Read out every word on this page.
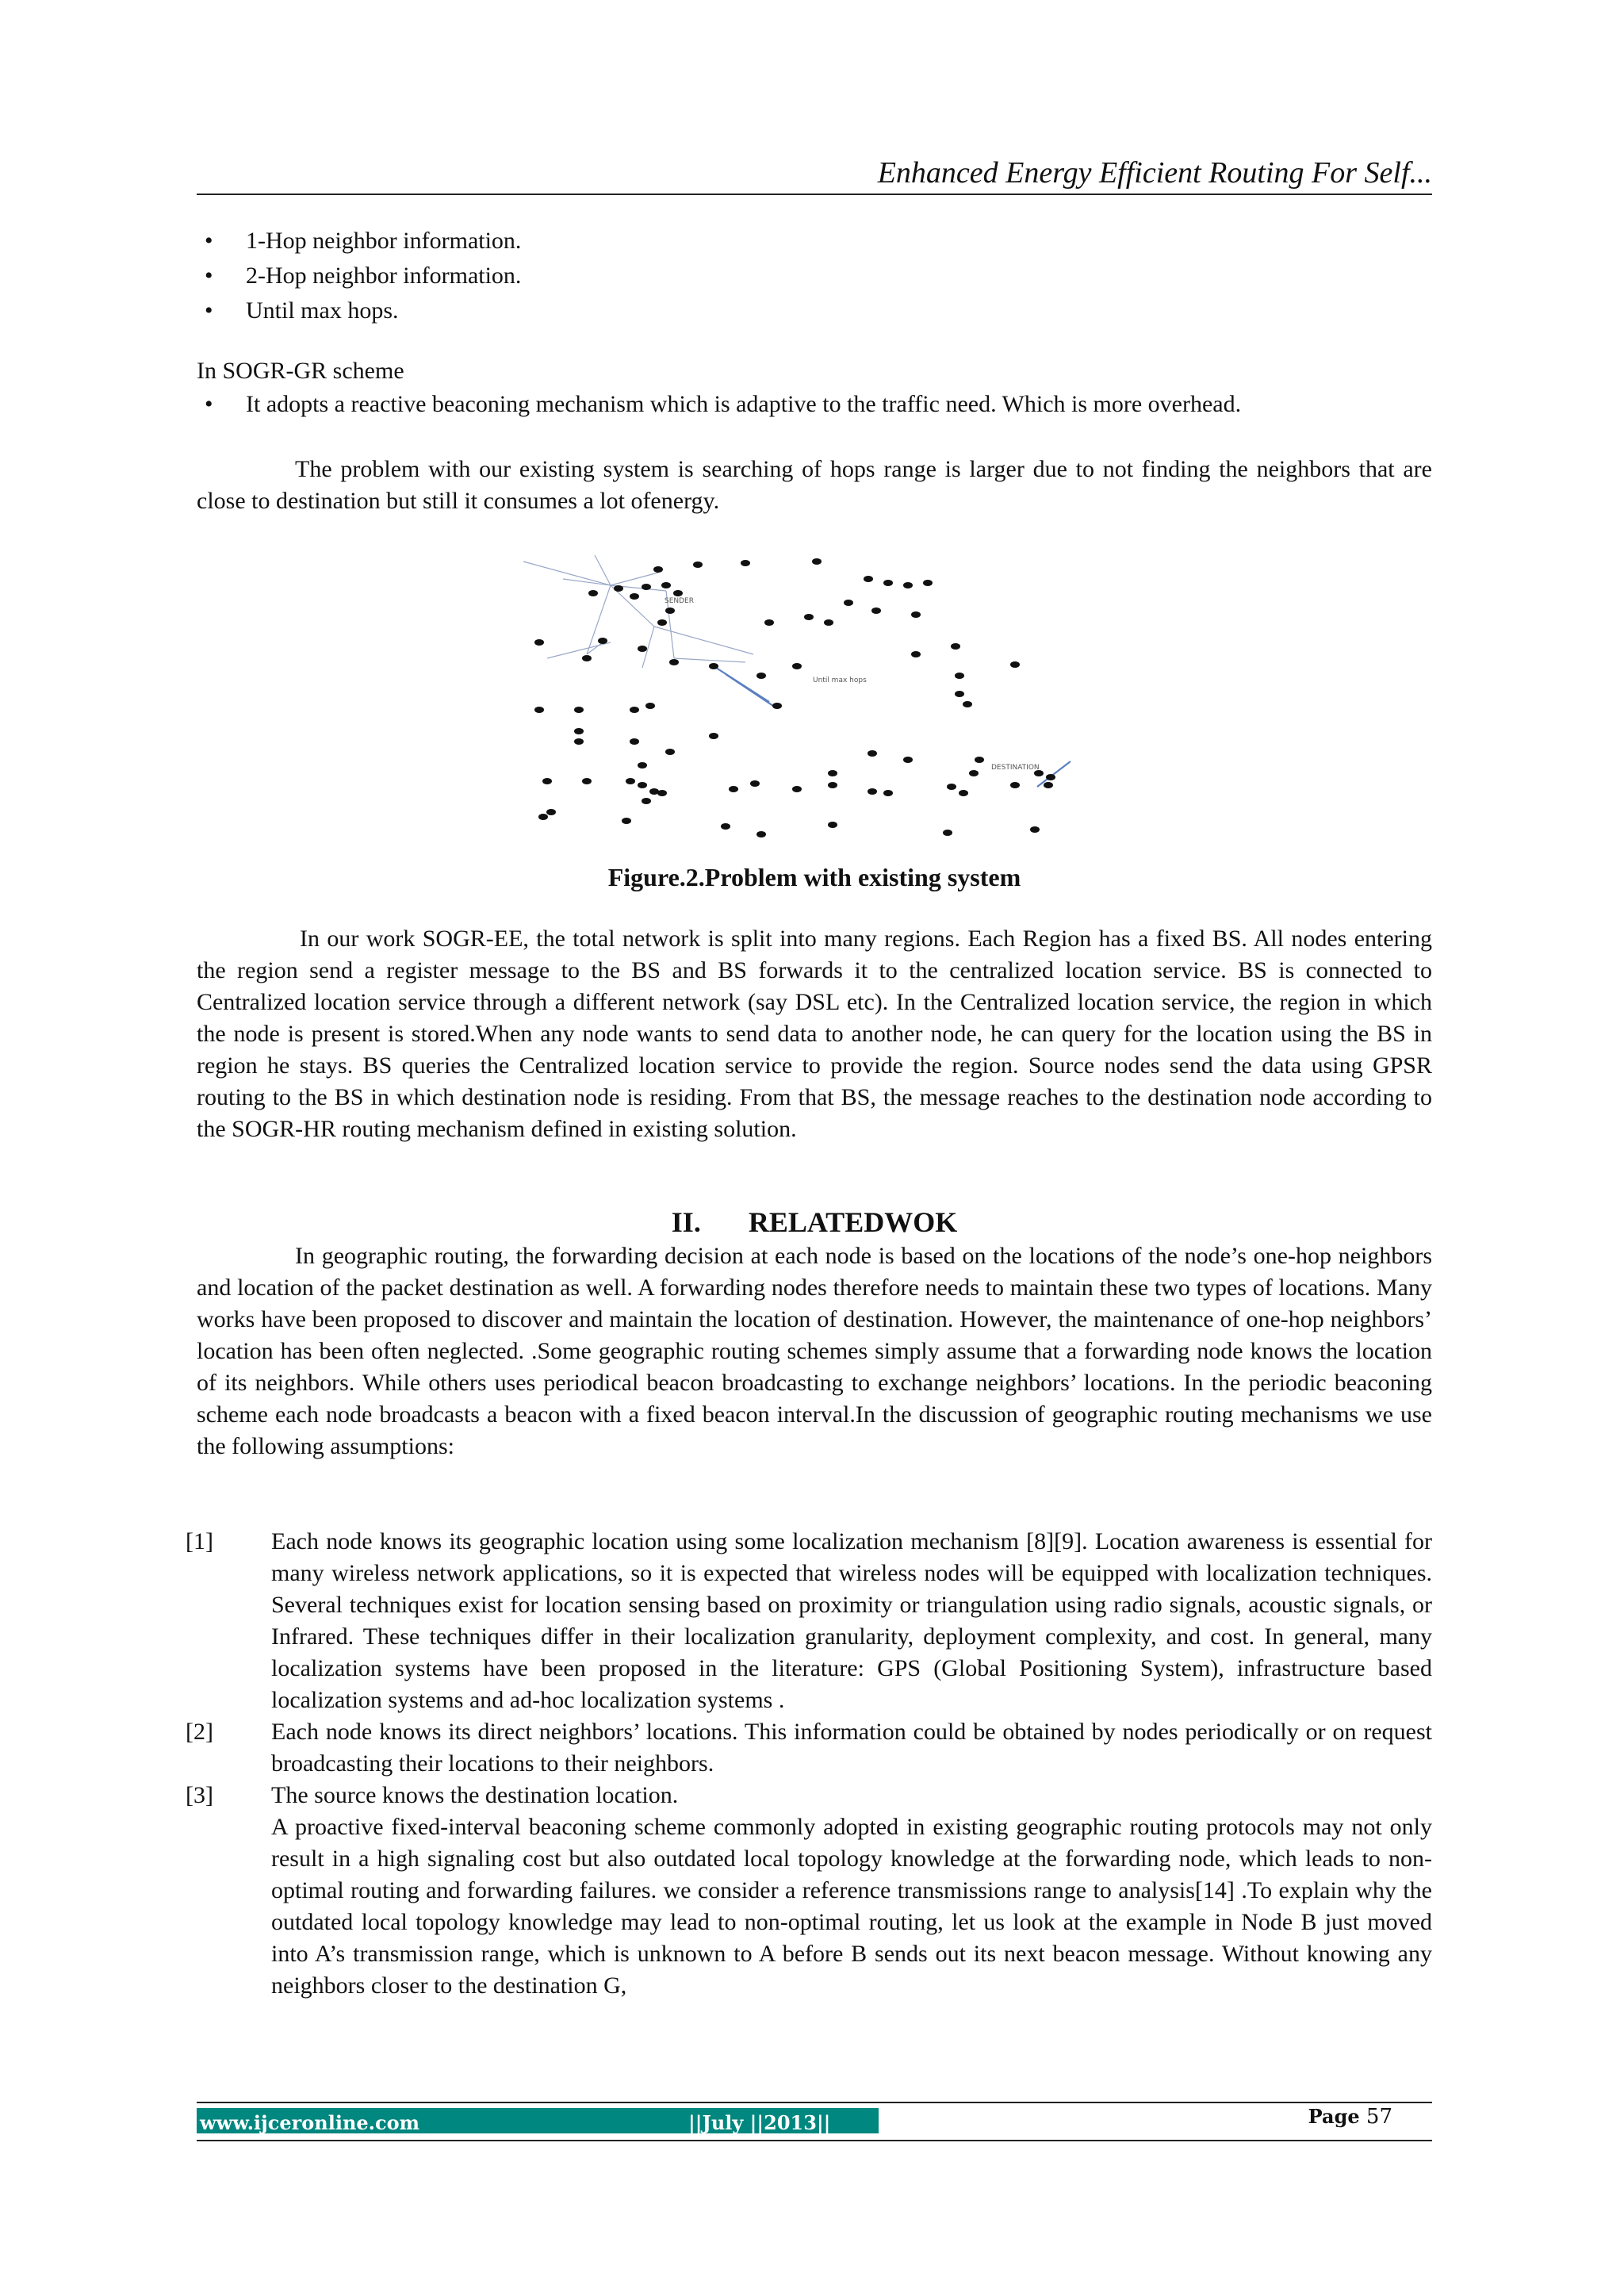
Enhanced Energy Efficient Routing For Self...
• 1-Hop neighbor information.
• 2-Hop neighbor information.
• Until max hops.
In SOGR-GR scheme
• It adopts a reactive beaconing mechanism which is adaptive to the traffic need. Which is more overhead.

The problem with our existing system is searching of hops range is larger due to not finding the neighbors that are close to destination but still it consumes a lot ofenergy.

SENDER
Until max hops
DESTINATION
Figure.2.Problem with existing system

In our work SOGR-EE, the total network is split into many regions. Each Region has a fixed BS. All nodes entering the region send a register message to the BS and BS forwards it to the centralized location service. BS is connected to Centralized location service through a different network (say DSL etc). In the Centralized location service, the region in which the node is present is stored.When any node wants to send data to another node, he can query for the location using the BS in region he stays. BS queries the Centralized location service to provide the region. Source nodes send the data using GPSR routing to the BS in which destination node is residing. From that BS, the message reaches to the destination node according to the SOGR-HR routing mechanism defined in existing solution.

II. RELATEDWOK

In geographic routing, the forwarding decision at each node is based on the locations of the node’s one-hop neighbors and location of the packet destination as well. A forwarding nodes therefore needs to maintain these two types of locations. Many works have been proposed to discover and maintain the location of destination. However, the maintenance of one-hop neighbors’ location has been often neglected. .Some geographic routing schemes simply assume that a forwarding node knows the location of its neighbors. While others uses periodical beacon broadcasting to exchange neighbors’ locations. In the periodic beaconing scheme each node broadcasts a beacon with a fixed beacon interval.In the discussion of geographic routing mechanisms we use the following assumptions:

[1] Each node knows its geographic location using some localization mechanism [8][9]. Location awareness is essential for many wireless network applications, so it is expected that wireless nodes will be equipped with localization techniques. Several techniques exist for location sensing based on proximity or triangulation using radio signals, acoustic signals, or Infrared. These techniques differ in their localization granularity, deployment complexity, and cost. In general, many localization systems have been proposed in the literature: GPS (Global Positioning System), infrastructure based localization systems and ad-hoc localization systems .
[2] Each node knows its direct neighbors’ locations. This information could be obtained by nodes periodically or on request broadcasting their locations to their neighbors.
[3] The source knows the destination location.
A proactive fixed-interval beaconing scheme commonly adopted in existing geographic routing protocols may not only result in a high signaling cost but also outdated local topology knowledge at the forwarding node, which leads to non-optimal routing and forwarding failures. we consider a reference transmissions range to analysis[14] .To explain why the outdated local topology knowledge may lead to non-optimal routing, let us look at the example in Node B just moved into A’s transmission range, which is unknown to A before B sends out its next beacon message. Without knowing any neighbors closer to the destination G,
www.ijceronline.com	||July ||2013||	Page 57
